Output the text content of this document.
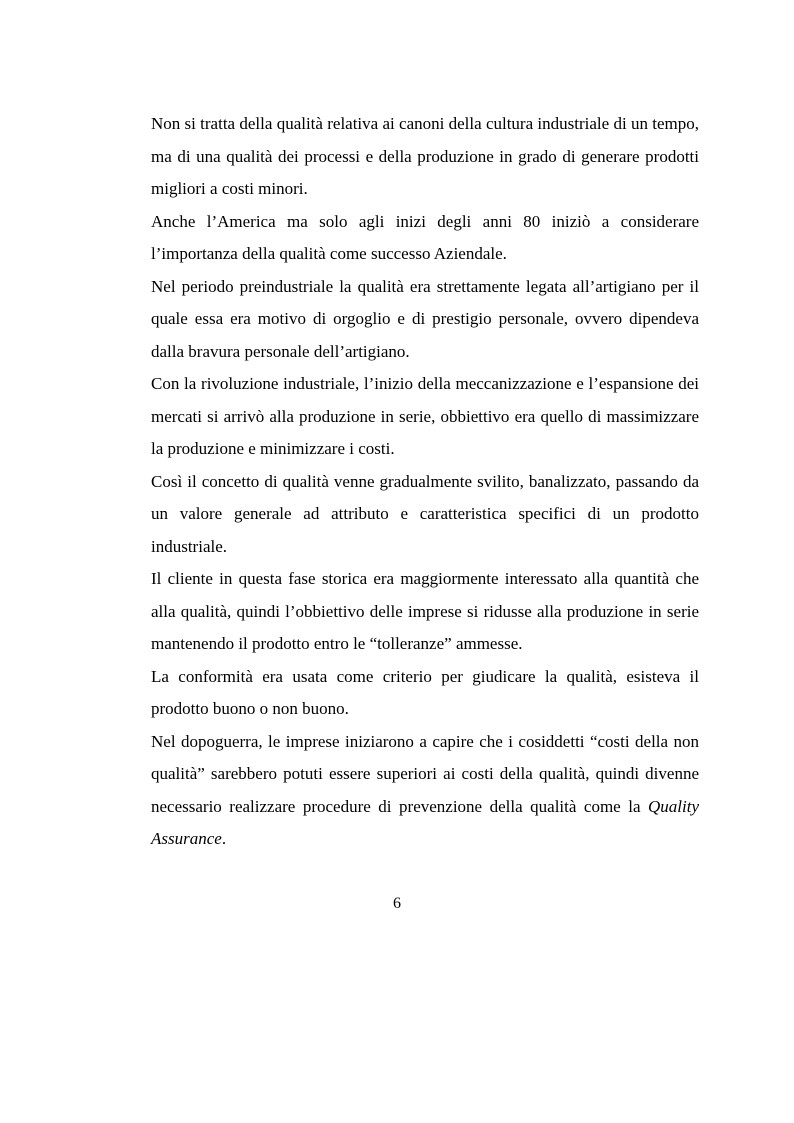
Non si tratta della qualità relativa ai canoni della cultura industriale di un tempo, ma di una qualità dei processi e della produzione in grado di generare prodotti migliori a costi minori.

Anche l’America ma solo agli inizi degli anni 80 iniziò a considerare l’importanza della qualità come successo Aziendale.

Nel periodo preindustriale la qualità era strettamente legata all’artigiano per il quale essa era motivo di orgoglio e di prestigio personale, ovvero dipendeva dalla bravura personale dell’artigiano.

Con la rivoluzione industriale, l’inizio della meccanizzazione e l’espansione dei mercati si arrivò alla produzione in serie, obbiettivo era quello di massimizzare la produzione e minimizzare i costi.

Così il concetto di qualità venne gradualmente svilito, banalizzato, passando da un valore generale ad attributo e caratteristica specifici di un prodotto industriale.

Il cliente in questa fase storica era maggiormente interessato alla quantità che alla qualità, quindi l’obbiettivo delle imprese si ridusse alla produzione in serie mantenendo il prodotto entro le “tolleranze” ammesse.

La conformità era usata come criterio per giudicare la qualità, esisteva il prodotto buono o non buono.

Nel dopoguerra, le imprese iniziarono a capire che i cosiddetti “costi della non qualità” sarebbero potuti essere superiori ai costi della qualità, quindi divenne necessario realizzare procedure di prevenzione della qualità come la Quality Assurance.

6
